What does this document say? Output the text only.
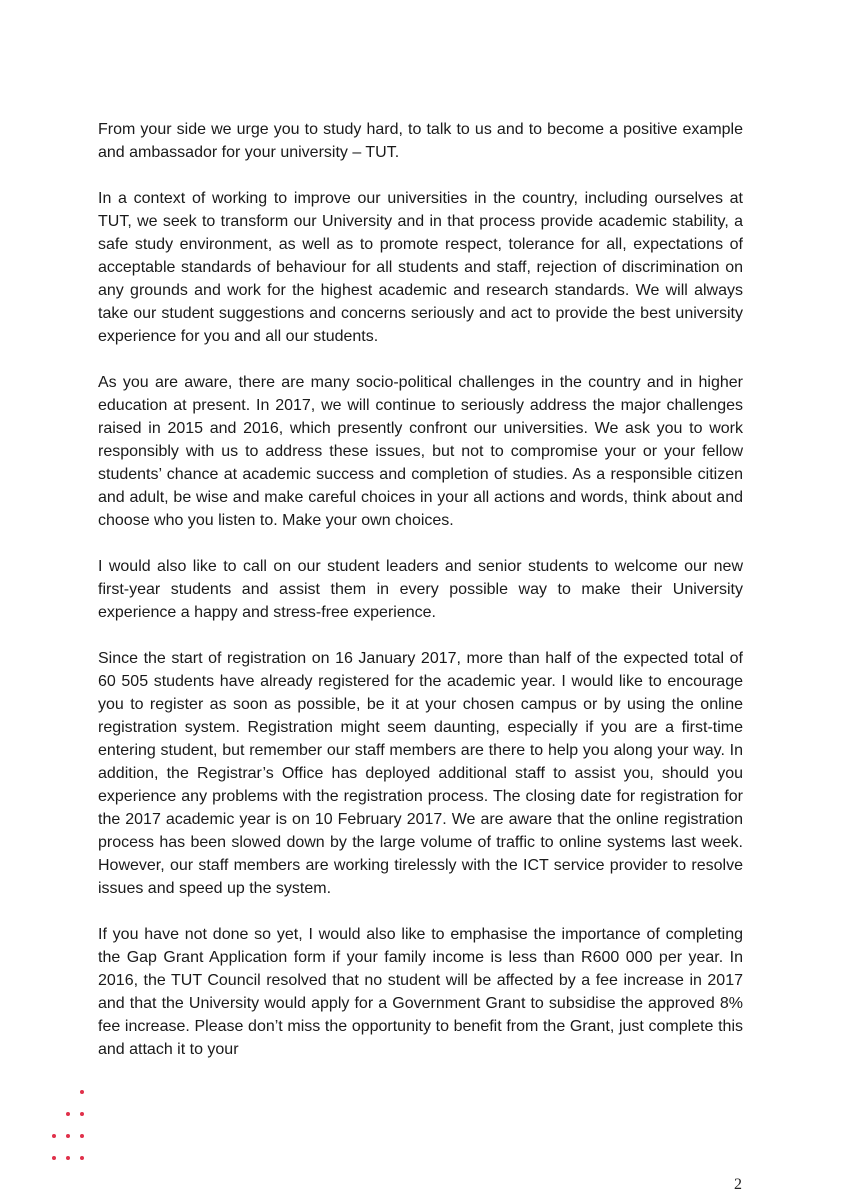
From your side we urge you to study hard, to talk to us and to become a positive example and ambassador for your university – TUT.

In a context of working to improve our universities in the country, including ourselves at TUT, we seek to transform our University and in that process provide academic stability, a safe study environment, as well as to promote respect, tolerance for all, expectations of acceptable standards of behaviour for all students and staff, rejection of discrimination on any grounds and work for the highest academic and research standards. We will always take our student suggestions and concerns seriously and act to provide the best university experience for you and all our students.

As you are aware, there are many socio-political challenges in the country and in higher education at present. In 2017, we will continue to seriously address the major challenges raised in 2015 and 2016, which presently confront our universities. We ask you to work responsibly with us to address these issues, but not to compromise your or your fellow students’ chance at academic success and completion of studies. As a responsible citizen and adult, be wise and make careful choices in your all actions and words, think about and choose who you listen to. Make your own choices.

I would also like to call on our student leaders and senior students to welcome our new first-year students and assist them in every possible way to make their University experience a happy and stress-free experience.

Since the start of registration on 16 January 2017, more than half of the expected total of 60 505 students have already registered for the academic year. I would like to encourage you to register as soon as possible, be it at your chosen campus or by using the online registration system. Registration might seem daunting, especially if you are a first-time entering student, but remember our staff members are there to help you along your way. In addition, the Registrar’s Office has deployed additional staff to assist you, should you experience any problems with the registration process. The closing date for registration for the 2017 academic year is on 10 February 2017. We are aware that the online registration process has been slowed down by the large volume of traffic to online systems last week. However, our staff members are working tirelessly with the ICT service provider to resolve issues and speed up the system.

If you have not done so yet, I would also like to emphasise the importance of completing the Gap Grant Application form if your family income is less than R600 000 per year. In 2016, the TUT Council resolved that no student will be affected by a fee increase in 2017 and that the University would apply for a Government Grant to subsidise the approved 8% fee increase. Please don’t miss the opportunity to benefit from the Grant, just complete this and attach it to your

2
